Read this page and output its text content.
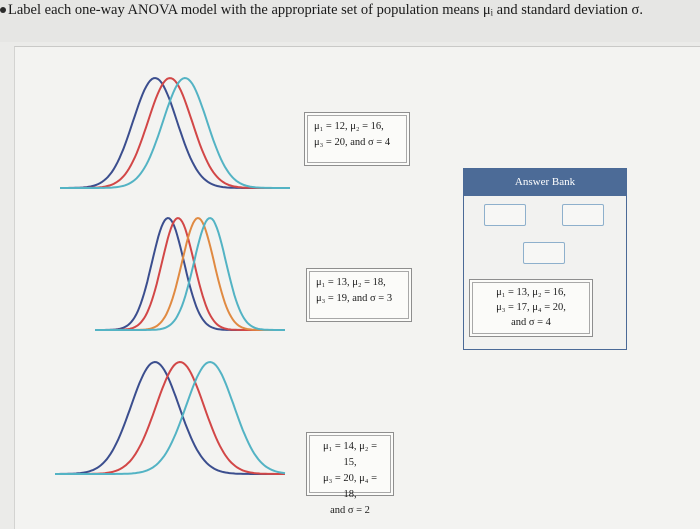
Label each one-way ANOVA model with the appropriate set of population means μᵢ and standard deviation σ.
μ₁ = 12, μ₂ = 16,
μ₃ = 20, and σ = 4
μ₁ = 13, μ₂ = 18,
μ₃ = 19, and σ = 3
μ₁ = 14, μ₂ = 15,
μ₃ = 20, μ₄ = 18,
and σ = 2
Answer Bank
μ₁ = 13, μ₂ = 16,
μ₃ = 17, μ₄ = 20,
and σ = 4
